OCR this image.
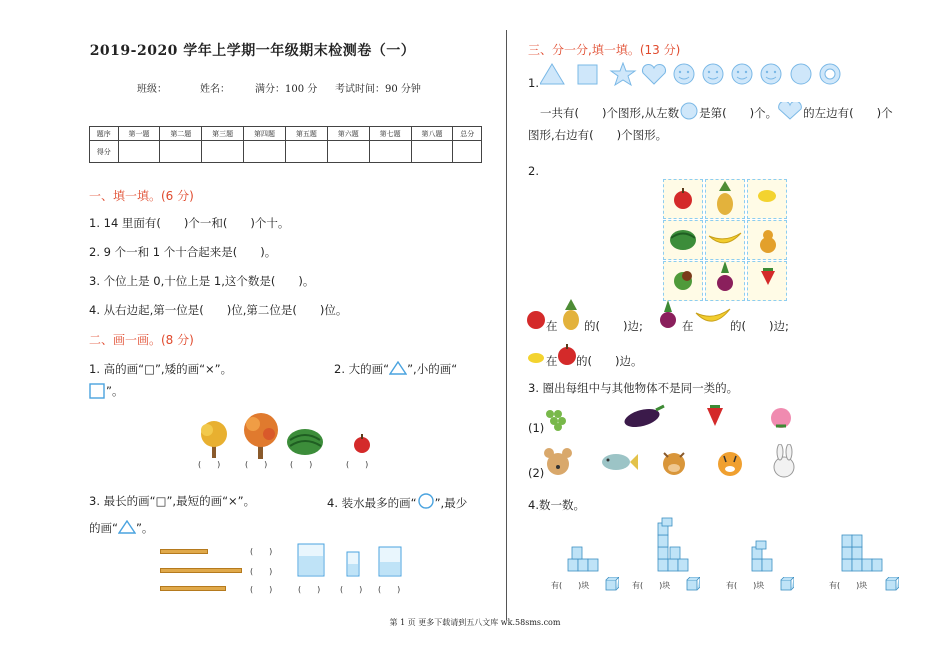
2019-2020 学年上学期一年级期末检测卷（一）
班级：	姓名：	满分：100 分 考试时间：90 分钟
题序	第一题	第二题	第三题	第四题	第五题	第六题	第七题	第八题	总分
得分									
一、填一填。(6 分)
1. 14 里面有(　　)个一和(　　)个十。
2. 9 个一和 1 个十合起来是(　　)。
3. 个位上是 0,十位上是 1,这个数是(　　)。
4. 从右边起,第一位是(　　)位,第二位是(　　)位。
二、画一画。(8 分)
1. 高的画“□”,矮的画“×”。	2. 大的画“ ”,小的画“
”。
(　　)	(　　)	(　　)	(　　)
3. 最长的画“□”,最短的画“×”。	4. 装水最多的画“ ”,最少
的画“ ”。
(　　)
(　　)
(　　)	(　　) (　　) (　　)
三、分一分,填一填。(13 分)
1.
一共有(　　)个图形,从左数 是第(　　)个。 的左边有(　　)个
图形,右边有(　　)个图形。
2.
在 的(　　)边;	在	的(　　)边;
在 的(　　)边。
3. 圈出每组中与其他物体不是同一类的。
(1)
(2)
4.数一数。
有(　　)块	有(　　)块	有(　　)块	有(　　)块
第 1 页 更多下载请到五八文库 wk.58sms.com
